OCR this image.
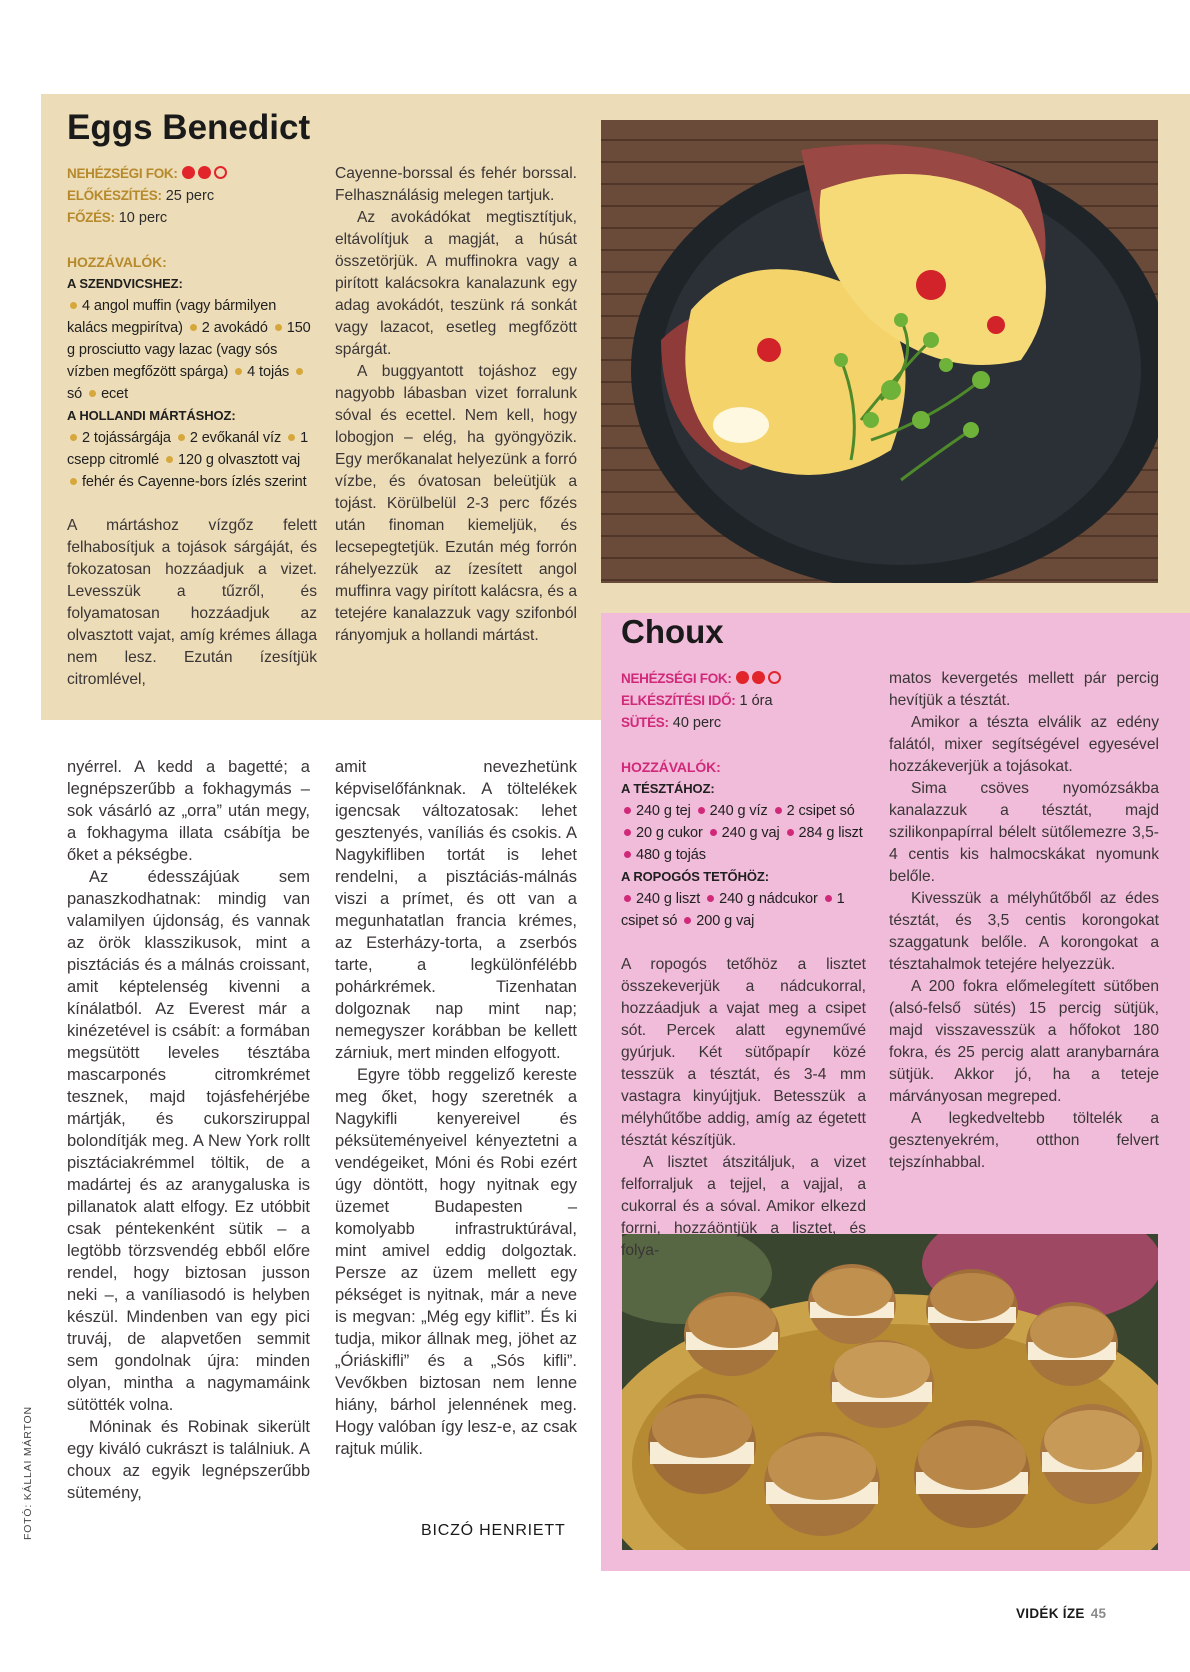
Eggs Benedict
NEHÉZSÉGI FOK:
ELŐKÉSZÍTÉS: 25 perc
FŐZÉS: 10 perc
HOZZÁVALÓK:
A SZENDVICSHEZ:
4 angol muffin (vagy bármilyen kalács megpirítva) 2 avokádó 150 g prosciutto vagy lazac (vagy sós vízben megfőzött spárga) 4 tojás só ecet
A HOLLANDI MÁRTÁSHOZ:
2 tojássárgája 2 evőkanál víz 1 csepp citromlé 120 g olvasztott vaj fehér és Cayenne-bors ízlés szerint

A mártáshoz vízgőz felett felhabosítjuk a tojások sárgáját, és fokozatosan hozzáadjuk a vizet. Levesszük a tűzről, és folyamatosan hozzáadjuk az olvasztott vajat, amíg krémes állaga nem lesz. Ezután ízesítjük citromlével,

Cayenne-borssal és fehér borssal. Felhasználásig melegen tartjuk.

Az avokádókat megtisztítjuk, eltávolítjuk a magját, a húsát összetörjük. A muffinokra vagy a pirított kalácsokra kanalazunk egy adag avokádót, teszünk rá sonkát vagy lazacot, esetleg megfőzött spárgát.

A buggyantott tojáshoz egy nagyobb lábasban vizet forralunk sóval és ecettel. Nem kell, hogy lobogjon – elég, ha gyöngyözik. Egy merőkanalat helyezünk a forró vízbe, és óvatosan beleütjük a tojást. Körülbelül 2-3 perc főzés után finoman kiemeljük, és lecsepegtetjük. Ezután még forrón ráhelyezzük az ízesített angol muffinra vagy pirított kalácsra, és a tetejére kanalazzuk vagy szifonból rányomjuk a hollandi mártást.

nyérrel. A kedd a bagetté; a legnépszerűbb a fokhagymás – sok vásárló az „orra” után megy, a fokhagyma illata csábítja be őket a pékségbe.

Az édesszájúak sem panaszkodhatnak: mindig van valamilyen újdonság, és vannak az örök klasszikusok, mint a pisztáciás és a málnás croissant, amit képtelenség kivenni a kínálatból. Az Everest már a kinézetével is csábít: a formában megsütött leveles tésztába mascarponés citromkrémet tesznek, majd tojásfehérjébe mártják, és cukorsziruppal bolondítják meg. A New York rollt pisztáciakrémmel töltik, de a madártej és az aranygaluska is pillanatok alatt elfogy. Ez utóbbit csak péntekenként sütik – a legtöbb törzsvendég ebből előre rendel, hogy biztosan jusson neki –, a vaníliasodó is helyben készül. Mindenben van egy pici truváj, de alapvetően semmit sem gondolnak újra: minden olyan, mintha a nagymamáink sütötték volna.

Móninak és Robinak sikerült egy kiváló cukrászt is találniuk. A choux az egyik legnépszerűbb sütemény,

amit nevezhetünk képviselőfánknak. A töltelékek igencsak változatosak: lehet gesztenyés, vaníliás és csokis. A Nagykifliben tortát is lehet rendelni, a pisztáciás-málnás viszi a prímet, és ott van a megunhatatlan francia krémes, az Esterházy-torta, a zserbós tarte, a legkülönfélébb pohárkrémek. Tizenhatan dolgoznak nap mint nap; nemegyszer korábban be kellett zárniuk, mert minden elfogyott.

Egyre több reggeliző kereste meg őket, hogy szeretnék a Nagykifli kenyereivel és péksüteményeivel kényeztetni a vendégeiket, Móni és Robi ezért úgy döntött, hogy nyitnak egy üzemet Budapesten – komolyabb infrastruktúrával, mint amivel eddig dolgoztak. Persze az üzem mellett egy pékséget is nyitnak, már a neve is megvan: „Még egy kiflit”. És ki tudja, mikor állnak meg, jöhet az „Óriáskifli” és a „Sós kifli”. Vevőkben biztosan nem lenne hiány, bárhol jelennének meg. Hogy valóban így lesz-e, az csak rajtuk múlik.

BICZÓ HENRIETT
Choux
NEHÉZSÉGI FOK:
ELKÉSZÍTÉSI IDŐ: 1 óra
SÜTÉS: 40 perc
HOZZÁVALÓK:
A TÉSZTÁHOZ:
240 g tej 240 g víz 2 csipet só 20 g cukor 240 g vaj 284 g liszt 480 g tojás
A ROPOGÓS TETŐHÖZ:
240 g liszt 240 g nádcukor 1 csipet só 200 g vaj

A ropogós tetőhöz a lisztet összekeverjük a nádcukorral, hozzáadjuk a vajat meg a csipet sót. Percek alatt egyneművé gyúrjuk. Két sütőpapír közé tesszük a tésztát, és 3-4 mm vastagra kinyújtjuk. Betesszük a mélyhűtőbe addig, amíg az égetett tésztát készítjük.

A lisztet átszitáljuk, a vizet felforraljuk a tejjel, a vajjal, a cukorral és a sóval. Amikor elkezd forrni, hozzáöntjük a lisztet, és folya-

matos kevergetés mellett pár percig hevítjük a tésztát.

Amikor a tészta elválik az edény falától, mixer segítségével egyesével hozzákeverjük a tojásokat.

Sima csöves nyomózsákba kanalazzuk a tésztát, majd szilikonpapírral bélelt sütőlemezre 3,5-4 centis kis halmocskákat nyomunk belőle.

Kivesszük a mélyhűtőből az édes tésztát, és 3,5 centis korongokat szaggatunk belőle. A korongokat a tésztahalmok tetejére helyezzük.

A 200 fokra előmelegített sütőben (alsó-felső sütés) 15 percig sütjük, majd visszavesszük a hőfokot 180 fokra, és 25 percig alatt aranybarnára sütjük. Akkor jó, ha a teteje márványosan megreped.

A legkedveltebb töltelék a gesztenyekrém, otthon felvert tejszínhabbal.

FOTÓ: KÁLLAI MÁRTON
VIDÉK ÍZE 45
